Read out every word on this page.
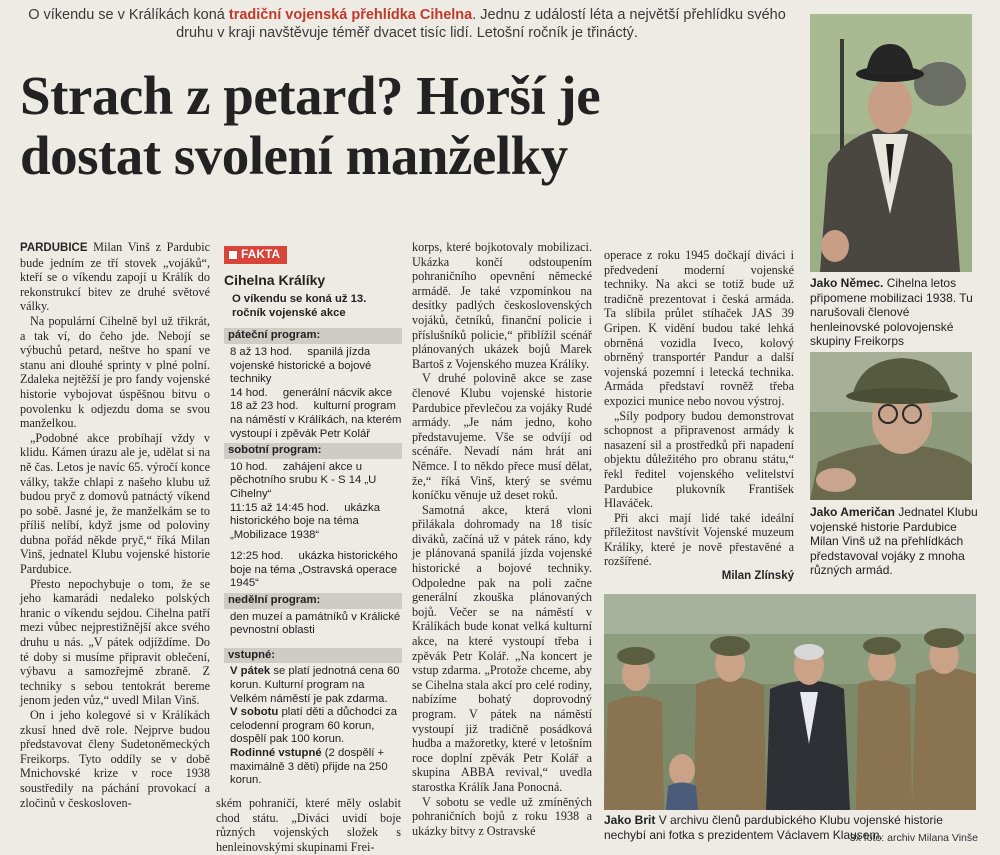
O víkendu se v Králíkách koná tradiční vojenská přehlídka Cihelna. Jednu z událostí léta a největší přehlídku svého druhu v kraji navštěvuje téměř dvacet tisíc lidí. Letošní ročník je třináctý.
Strach z petard? Horší je
dostat svolení manželky

PARDUBICE Milan Vinš z Pardubic bude jedním ze tří stovek „vojáků“, kteří se o víkendu zapojí u Králík do rekonstrukcí bitev ze druhé světové války.

Na populární Cihelně byl už třikrát, a tak ví, do čeho jde. Nebojí se výbuchů petard, neštve ho spaní ve stanu ani dlouhé sprinty v plné polní. Zdaleka nejtěžší je pro fandy vojenské historie vybojovat úspěšnou bitvu o povolenku k odjezdu doma se svou manželkou.

„Podobné akce probíhají vždy v klidu. Kámen úrazu ale je, udělat si na ně čas. Letos je navíc 65. výročí konce války, takže chlapi z našeho klubu už budou pryč z domovů patnáctý víkend po sobě. Jasné je, že manželkám se to příliš nelíbí, když jsme od poloviny dubna pořád někde pryč,“ říká Milan Vinš, jednatel Klubu vojenské historie Pardubice.

Přesto nepochybuje o tom, že se jeho kamarádi nedaleko polských hranic o víkendu sejdou. Cihelna patří mezi vůbec nejprestižnější akce svého druhu u nás. „V pátek odjíždíme. Do té doby si musíme připravit oblečení, výbavu a samozřejmě zbraně. Z techniky s sebou tentokrát bereme jenom jeden vůz,“ uvedl Milan Vinš.

On i jeho kolegové si v Králíkách zkusí hned dvě role. Nejprve budou představovat členy Sudetoněmeckých Freikorps. Tyto oddíly se v době Mnichovské krize v roce 1938 soustředily na páchání provokací a zločinů v českosloven-

FAKTA
Cihelna Králíky
O víkendu se koná už 13. ročník vojenské akce
páteční program:
8 až 13 hod. spanilá jízda vojenské historické a bojové techniky
14 hod. generální nácvik akce
18 až 23 hod. kulturní program na náměstí v Králíkách, na kterém vystoupí i zpěvák Petr Kolář
sobotní program:
10 hod. zahájení akce u pěchotního srubu K - S 14 „U Cihelny“
11:15 až 14:45 hod. ukázka historického boje na téma „Mobilizace 1938“
12:25 hod. ukázka historického boje na téma „Ostravská operace 1945“
nedělní program:
den muzeí a památníků v Králické pevnostní oblasti
vstupné:
V pátek se platí jednotná cena 60 korun. Kulturní program na Velkém náměstí je pak zdarma.
V sobotu platí děti a důchodci za celodenní program 60 korun, dospělí pak 100 korun.
Rodinné vstupné (2 dospělí + maximálně 3 děti) přijde na 250 korun.

ském pohraničí, které měly oslabit chod státu. „Diváci uvidí boje různých vojenských složek s henleinovskými skupinami Frei-

korps, které bojkotovaly mobilizaci. Ukázka končí odstoupením pohraničního opevnění německé armádě. Je také vzpomínkou na desítky padlých československých vojáků, četníků, finanční policie i příslušníků policie,“ přiblížil scénář plánovaných ukázek bojů Marek Bartoš z Vojenského muzea Králíky.

V druhé polovině akce se zase členové Klubu vojenské historie Pardubice převlečou za vojáky Rudé armády. „Je nám jedno, koho představujeme. Vše se odvíjí od scénáře. Nevadí nám hrát ani Němce. I to někdo přece musí dělat, že,“ říká Vinš, který se svému koníčku věnuje už deset roků.

Samotná akce, která vloni přilákala dohromady na 18 tisíc diváků, začíná už v pátek ráno, kdy je plánovaná spanilá jízda vojenské historické a bojové techniky. Odpoledne pak na poli začne generální zkouška plánovaných bojů. Večer se na náměstí v Králíkách bude konat velká kulturní akce, na které vystoupí třeba i zpěvák Petr Kolář. „Na koncert je vstup zdarma. „Protože chceme, aby se Cihelna stala akcí pro celé rodiny, nabízíme bohatý doprovodný program. V pátek na náměstí vystoupí již tradičně posádková hudba a mažoretky, které v letošním roce doplní zpěvák Petr Kolář a skupina ABBA revival,“ uvedla starostka Králík Jana Ponocná.

V sobotu se vedle už zmíněných pohraničních bojů z roku 1938 a ukázky bitvy z Ostravské

operace z roku 1945 dočkají diváci i předvedení moderní vojenské techniky. Na akci se totiž bude už tradičně prezentovat i česká armáda. Ta slíbila průlet stíhaček JAS 39 Gripen. K vidění budou také lehká obrněná vozidla Iveco, kolový obrněný transportér Pandur a další vojenská pozemní i letecká technika. Armáda představí rovněž třeba expozici munice nebo novou výstroj.

„Síly podpory budou demonstrovat schopnost a připravenost armády k nasazení sil a prostředků při napadení objektu důležitého pro obranu státu,“ řekl ředitel vojenského velitelství Pardubice plukovník František Hlaváček.

Při akci mají lidé také ideální příležitost navštívit Vojenské muzeum Králíky, které je nově přestavěné a rozšířené.

Milan Zlínský
Jako Němec. Cihelna letos připomene mobilizaci 1938. Tu narušovali členové henleinovské polovojenské skupiny Freikorps
Jako Američan Jednatel Klubu vojenské historie Pardubice Milan Vinš už na přehlídkách představoval vojáky z mnoha různých armád.
Jako Brit V archivu členů pardubického Klubu vojenské historie nechybí ani fotka s prezidentem Václavem Klausem.
3x foto: archiv Milana Vinše
